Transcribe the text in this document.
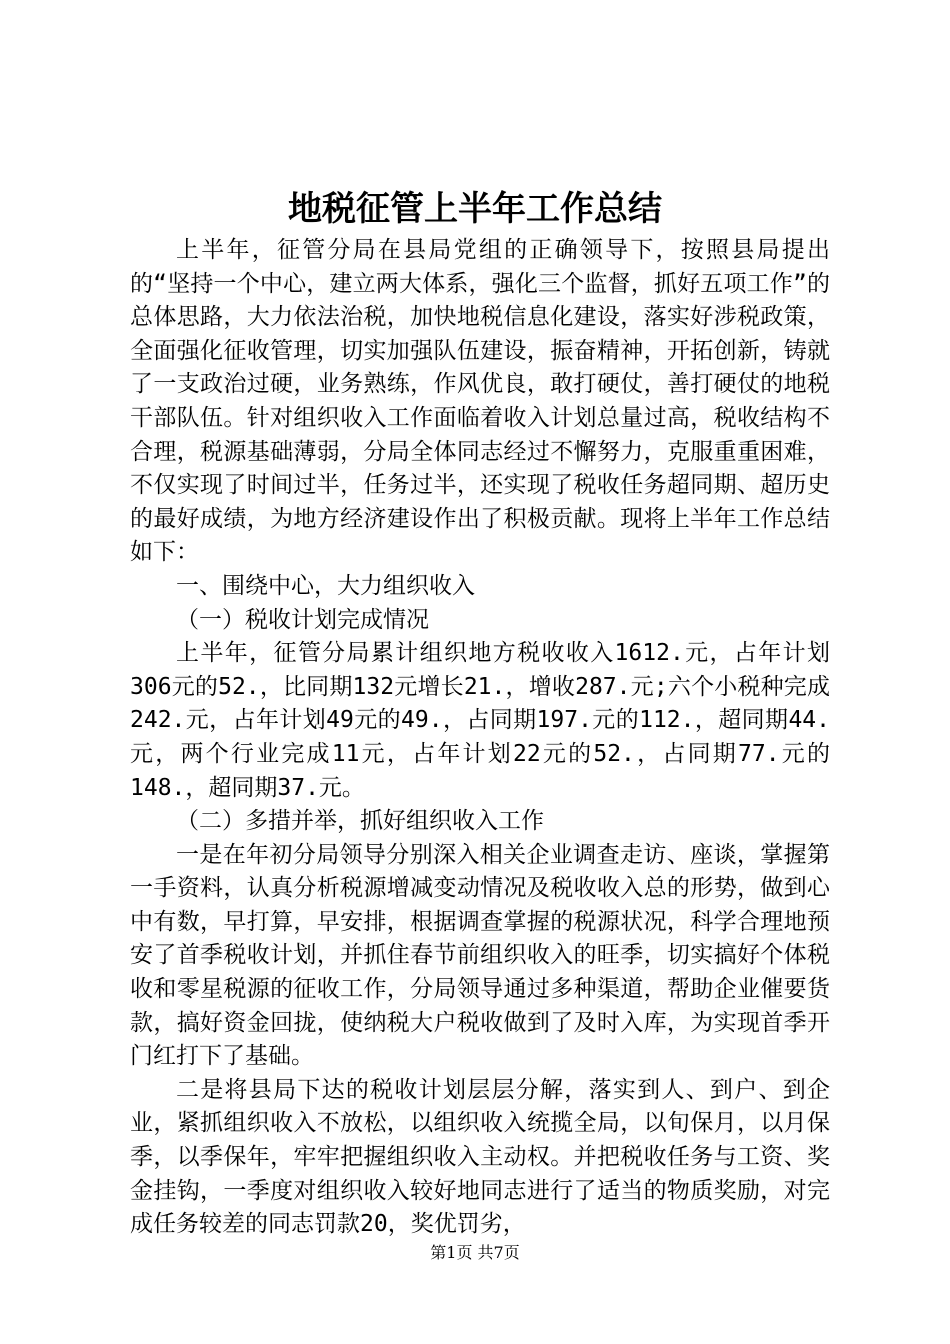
地税征管上半年工作总结

上半年，征管分局在县局党组的正确领导下，按照县局提出的“坚持一个中心，建立两大体系，强化三个监督，抓好五项工作”的总体思路，大力依法治税，加快地税信息化建设，落实好涉税政策，全面强化征收管理，切实加强队伍建设，振奋精神，开拓创新，铸就了一支政治过硬，业务熟练，作风优良，敢打硬仗，善打硬仗的地税干部队伍。针对组织收入工作面临着收入计划总量过高，税收结构不合理，税源基础薄弱，分局全体同志经过不懈努力，克服重重困难，不仅实现了时间过半，任务过半，还实现了税收任务超同期、超历史的最好成绩，为地方经济建设作出了积极贡献。现将上半年工作总结如下：

一、围绕中心，大力组织收入

（一）税收计划完成情况

上半年，征管分局累计组织地方税收收入1612.元，占年计划306元的52.，比同期132元增长21.，增收287.元;六个小税种完成242.元，占年计划49元的49.，占同期197.元的112.，超同期44.元，两个行业完成11元，占年计划22元的52.，占同期77.元的148.，超同期37.元。

（二）多措并举，抓好组织收入工作

一是在年初分局领导分别深入相关企业调查走访、座谈，掌握第一手资料，认真分析税源增减变动情况及税收收入总的形势，做到心中有数，早打算，早安排，根据调查掌握的税源状况，科学合理地预安了首季税收计划，并抓住春节前组织收入的旺季，切实搞好个体税收和零星税源的征收工作，分局领导通过多种渠道，帮助企业催要货款，搞好资金回拢，使纳税大户税收做到了及时入库，为实现首季开门红打下了基础。

二是将县局下达的税收计划层层分解，落实到人、到户、到企业，紧抓组织收入不放松，以组织收入统揽全局，以旬保月，以月保季，以季保年，牢牢把握组织收入主动权。并把税收任务与工资、奖金挂钩，一季度对组织收入较好地同志进行了适当的物质奖励，对完成任务较差的同志罚款20，奖优罚劣，

第1页 共7页
